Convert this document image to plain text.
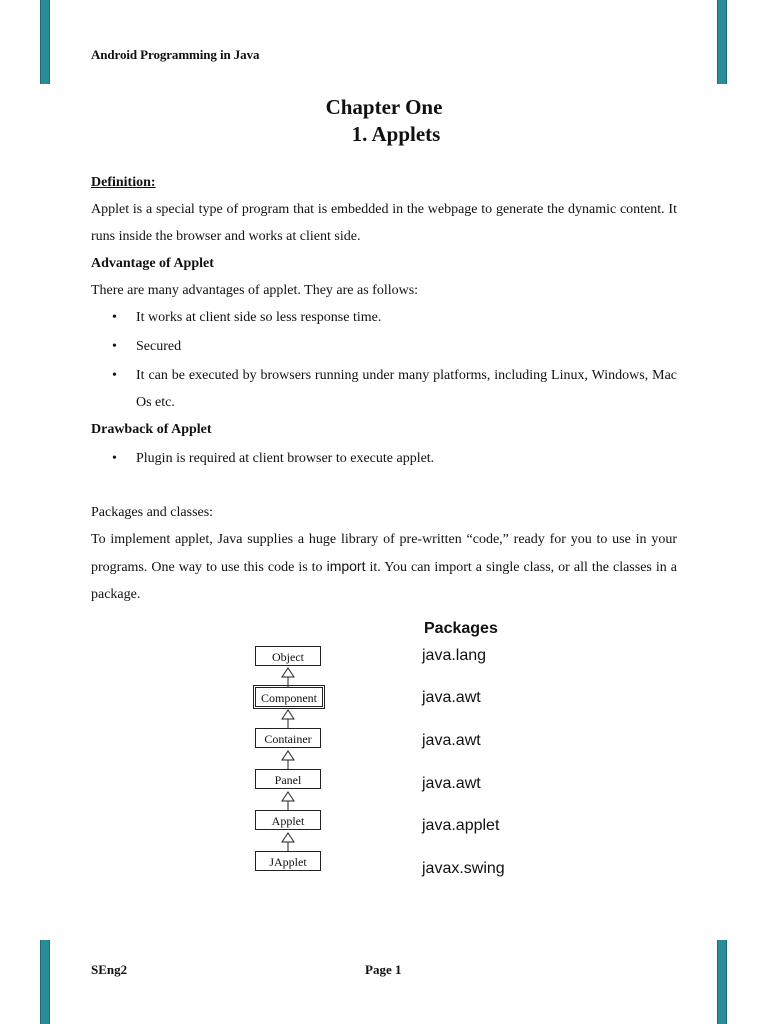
Android Programming in Java
Chapter One
1. Applets
Definition:
Applet is a special type of program that is embedded in the webpage to generate the dynamic content. It runs inside the browser and works at client side.
Advantage of Applet
There are many advantages of applet. They are as follows:
• It works at client side so less response time.
• Secured
• It can be executed by browsers running under many platforms, including Linux, Windows, Mac Os etc.
Drawback of Applet
• Plugin is required at client browser to execute applet.
Packages and classes:
To implement applet, Java supplies a huge library of pre-written “code,” ready for you to use in your programs. One way to use this code is to import it. You can import a single class, or all the classes in a package.
Object
Component
Container
Panel
Applet
JApplet
Packages
java.lang
java.awt
java.awt
java.awt
java.applet
javax.swing
SEng2	Page 1
